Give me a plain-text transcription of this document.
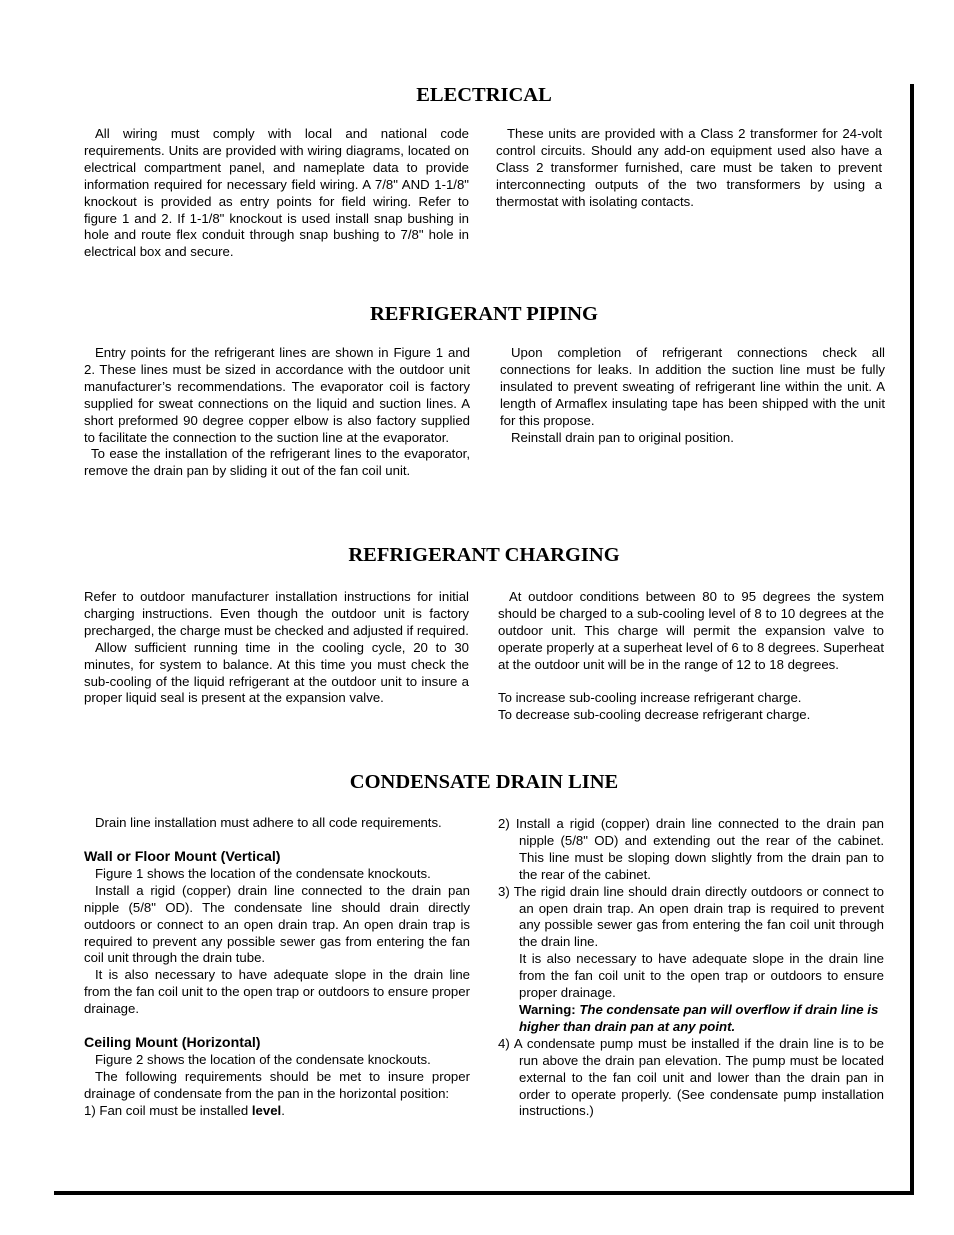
ELECTRICAL

All wiring must comply with local and national code requirements. Units are provided with wiring diagrams, located on electrical compartment panel, and nameplate data to provide information required for necessary field wiring. A 7/8" AND 1-1/8" knockout is provided as entry points for field wiring. Refer to figure 1 and 2. If 1-1/8" knockout is used install snap bushing in hole and route flex conduit through snap bushing to 7/8" hole in electrical box and secure.

These units are provided with a Class 2 transformer for 24-volt control circuits. Should any add-on equipment used also have a Class 2 transformer furnished, care must be taken to prevent interconnecting outputs of the two transformers by using a thermostat with isolating contacts.

REFRIGERANT PIPING

Entry points for the refrigerant lines are shown in Figure 1 and 2. These lines must be sized in accordance with the outdoor unit manufacturer’s recommendations. The evaporator coil is factory supplied for sweat connections on the liquid and suction lines. A short preformed 90 degree copper elbow is also factory supplied to facilitate the connection to the suction line at the evaporator.

To ease the installation of the refrigerant lines to the evaporator, remove the drain pan by sliding it out of the fan coil unit.

Upon completion of refrigerant connections check all connections for leaks. In addition the suction line must be fully insulated to prevent sweating of refrigerant line within the unit. A length of Armaflex insulating tape has been shipped with the unit for this propose.

Reinstall drain pan to original position.

REFRIGERANT CHARGING

Refer to outdoor manufacturer installation instructions for initial charging instructions. Even though the outdoor unit is factory precharged, the charge must be checked and adjusted if required.

Allow sufficient running time in the cooling cycle, 20 to 30 minutes, for system to balance. At this time you must check the sub-cooling of the liquid refrigerant at the outdoor unit to insure a proper liquid seal is present at the expansion valve.

At outdoor conditions between 80 to 95 degrees the system should be charged to a sub-cooling level of 8 to 10 degrees at the outdoor unit. This charge will permit the expansion valve to operate properly at a superheat level of 6 to 8 degrees. Superheat at the outdoor unit will be in the range of 12 to 18 degrees.

To increase sub-cooling increase refrigerant charge.

To decrease sub-cooling decrease refrigerant charge.

CONDENSATE DRAIN LINE

Drain line installation must adhere to all code requirements.

Wall or Floor Mount (Vertical)

Figure 1 shows the location of the condensate knockouts.

Install a rigid (copper) drain line connected to the drain pan nipple (5/8" OD). The condensate line should drain directly outdoors or connect to an open drain trap. An open drain trap is required to prevent any possible sewer gas from entering the fan coil unit through the drain tube.

It is also necessary to have adequate slope in the drain line from the fan coil unit to the open trap or outdoors to ensure proper drainage.

Ceiling Mount (Horizontal)

Figure 2 shows the location of the condensate knockouts.

The following requirements should be met to insure proper drainage of condensate from the pan in the horizontal position:

1) Fan coil must be installed level.

2) Install a rigid (copper) drain line connected to the drain pan nipple (5/8" OD) and extending out the rear of the cabinet. This line must be sloping down slightly from the drain pan to the rear of the cabinet.

3) The rigid drain line should drain directly outdoors or connect to an open drain trap. An open drain trap is required to prevent any possible sewer gas from entering the fan coil unit through the drain line.

It is also necessary to have adequate slope in the drain line from the fan coil unit to the open trap or outdoors to ensure proper drainage.

Warning: The condensate pan will overflow if drain line is higher than drain pan at any point.

4) A condensate pump must be installed if the drain line is to be run above the drain pan elevation. The pump must be located external to the fan coil unit and lower than the drain pan in order to operate properly. (See condensate pump installation instructions.)
